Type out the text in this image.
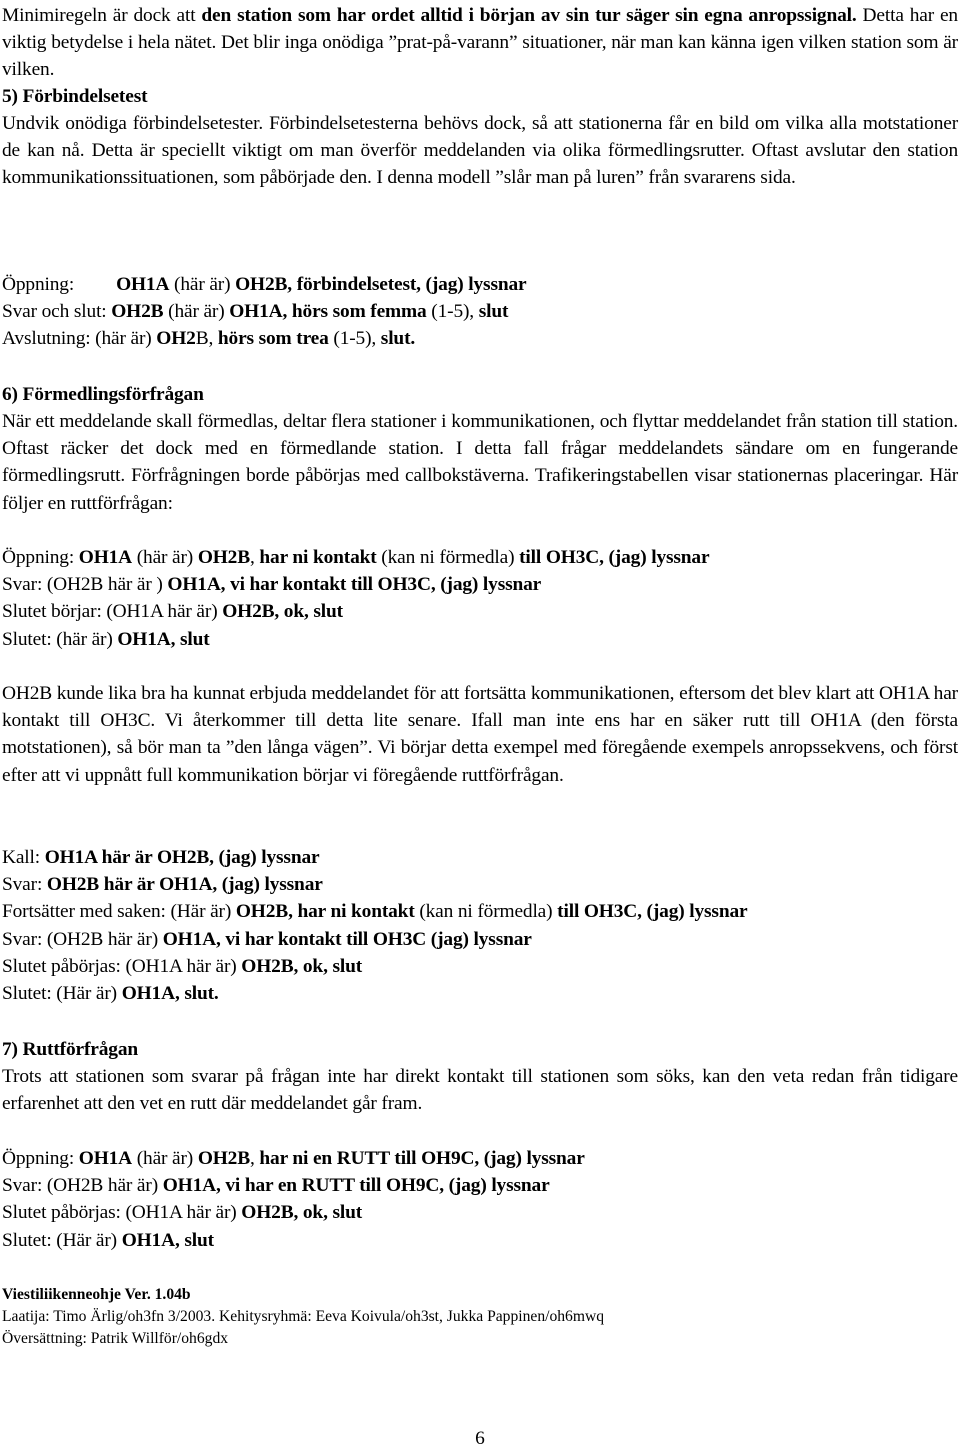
Minimiregeln är dock att den station som har ordet alltid i början av sin tur säger sin egna anropssignal. Detta har en viktig betydelse i hela nätet. Det blir inga onödiga ”prat-på-varann” situationer, när man kan känna igen vilken station som är vilken.

5) Förbindelsetest

Undvik onödiga förbindelsetester. Förbindelsetesterna behövs dock, så att stationerna får en bild om vilka alla motstationer de kan nå. Detta är speciellt viktigt om man överför meddelanden via olika förmedlingsrutter. Oftast avslutar den station kommunikationssituationen, som påbörjade den. I denna modell ”slår man på luren” från svararens sida.

Öppning: OH1A (här är) OH2B, förbindelsetest, (jag) lyssnar
Svar och slut: OH2B (här är) OH1A, hörs som femma (1-5), slut
Avslutning: (här är) OH2B, hörs som trea (1-5), slut.
6) Förmedlingsförfrågan

När ett meddelande skall förmedlas, deltar flera stationer i kommunikationen, och flyttar meddelandet från station till station. Oftast räcker det dock med en förmedlande station. I detta fall frågar meddelandets sändare om en fungerande förmedlingsrutt. Förfrågningen borde påbörjas med callbokstäverna. Trafikeringstabellen visar stationernas placeringar. Här följer en ruttförfrågan:

Öppning: OH1A (här är) OH2B, har ni kontakt (kan ni förmedla) till OH3C, (jag) lyssnar
Svar: (OH2B här är ) OH1A, vi har kontakt till OH3C, (jag) lyssnar
Slutet börjar: (OH1A här är) OH2B, ok, slut
Slutet: (här är) OH1A, slut

OH2B kunde lika bra ha kunnat erbjuda meddelandet för att fortsätta kommunikationen, eftersom det blev klart att OH1A har kontakt till OH3C. Vi återkommer till detta lite senare. Ifall man inte ens har en säker rutt till OH1A (den första motstationen), så bör man ta ”den långa vägen”. Vi börjar detta exempel med föregående exempels anropssekvens, och först efter att vi uppnått full kommunikation börjar vi föregående ruttförfrågan.

Kall: OH1A här är OH2B, (jag) lyssnar
Svar: OH2B här är OH1A, (jag) lyssnar
Fortsätter med saken: (Här är) OH2B, har ni kontakt (kan ni förmedla) till OH3C, (jag) lyssnar
Svar: (OH2B här är) OH1A, vi har kontakt till OH3C (jag) lyssnar
Slutet påbörjas: (OH1A här är) OH2B, ok, slut
Slutet: (Här är) OH1A, slut.
7) Ruttförfrågan

Trots att stationen som svarar på frågan inte har direkt kontakt till stationen som söks, kan den veta redan från tidigare erfarenhet att den vet en rutt där meddelandet går fram.

Öppning: OH1A (här är) OH2B, har ni en RUTT till OH9C, (jag) lyssnar
Svar: (OH2B här är) OH1A, vi har en RUTT till OH9C, (jag) lyssnar
Slutet påbörjas: (OH1A här är) OH2B, ok, slut
Slutet: (Här är) OH1A, slut
Viestiliikenneohje Ver. 1.04b
Laatija: Timo Ärlig/oh3fn 3/2003. Kehitysryhmä: Eeva Koivula/oh3st, Jukka Pappinen/oh6mwq
Översättning: Patrik Willför/oh6gdx
6
